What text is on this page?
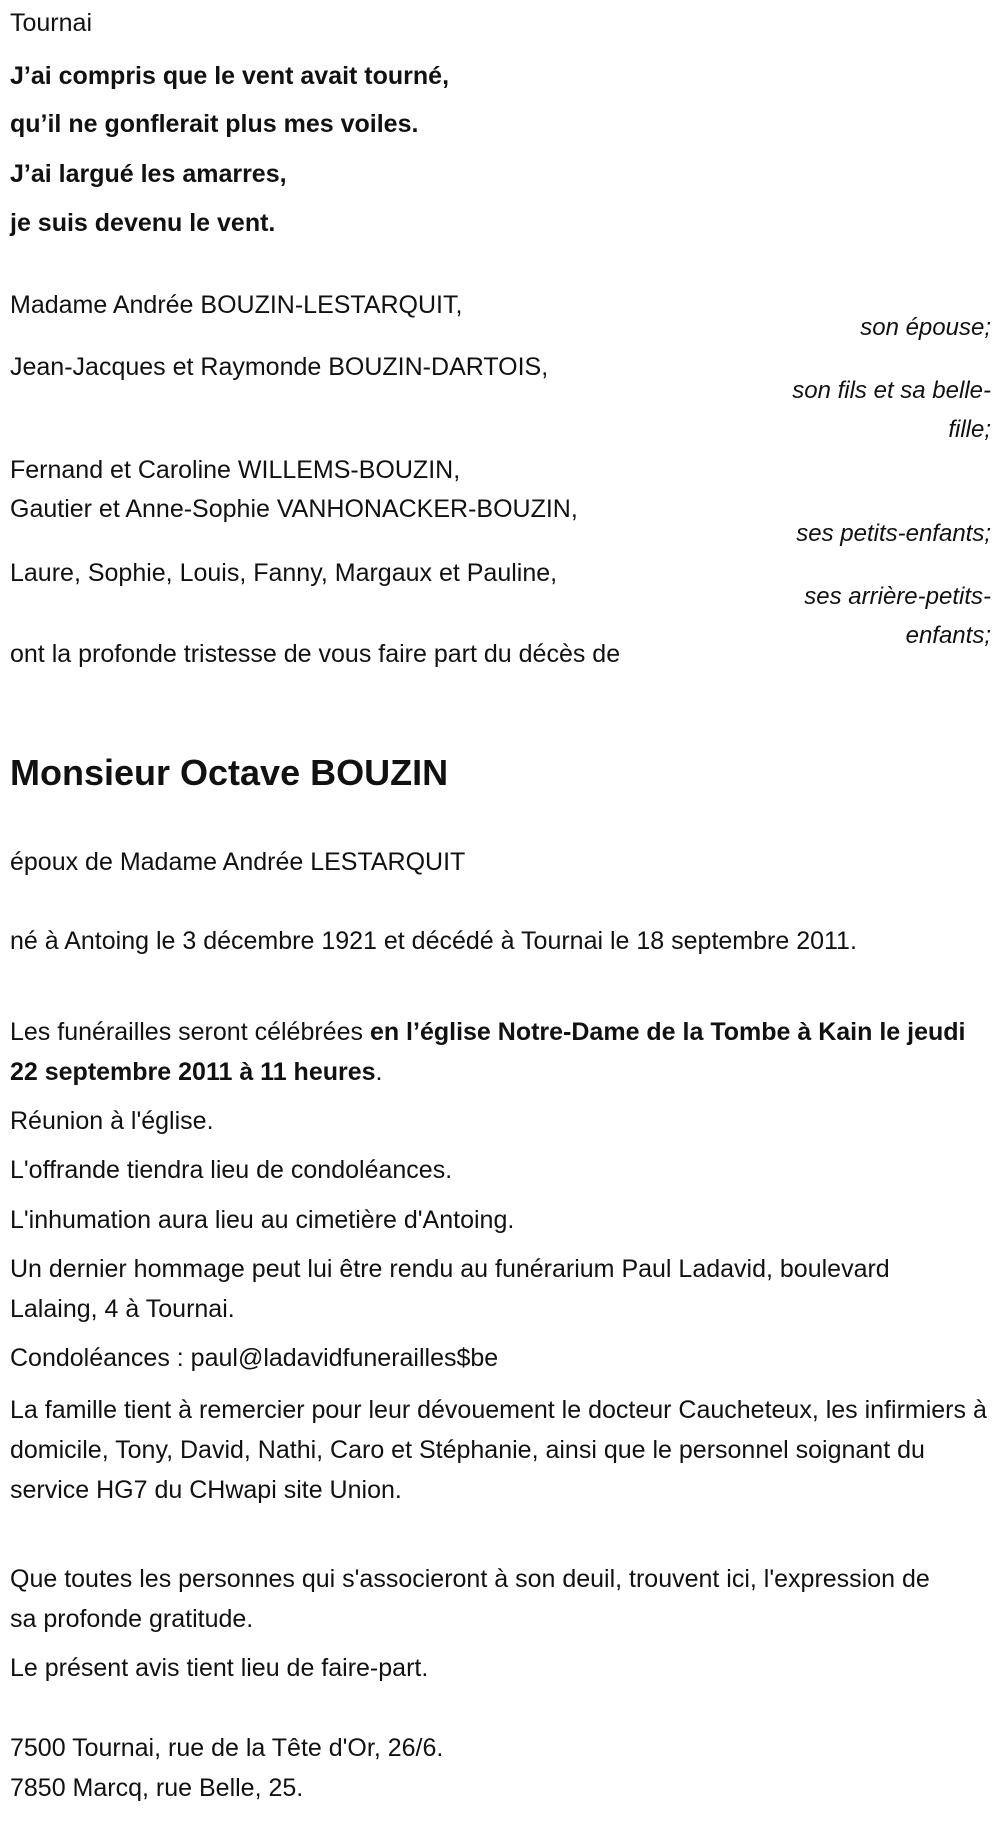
Tournai
J’ai compris que le vent avait tourné,
qu’il ne gonflerait plus mes voiles.
J’ai largué les amarres,
je suis devenu le vent.
Madame Andrée BOUZIN-LESTARQUIT,
son épouse;
Jean-Jacques et Raymonde BOUZIN-DARTOIS,
son fils et sa belle-fille;
Fernand et Caroline WILLEMS-BOUZIN,
Gautier et Anne-Sophie VANHONACKER-BOUZIN,
ses petits-enfants;
Laure, Sophie, Louis, Fanny, Margaux et Pauline,
ses arrière-petits-enfants;
ont la profonde tristesse de vous faire part du décès de
Monsieur Octave BOUZIN
époux de Madame Andrée LESTARQUIT
né à Antoing le 3 décembre 1921 et décédé à Tournai le 18 septembre 2011.
Les funérailles seront célébrées en l’église Notre-Dame de la Tombe à Kain le jeudi 22 septembre 2011 à 11 heures.
Réunion à l'église.
L'offrande tiendra lieu de condoléances.
L'inhumation aura lieu au cimetière d'Antoing.
Un dernier hommage peut lui être rendu au funérarium Paul Ladavid, boulevard Lalaing, 4 à Tournai.
Condoléances : paul@ladavidfunerailles$be
La famille tient à remercier pour leur dévouement le docteur Caucheteux, les infirmiers à domicile, Tony, David, Nathi, Caro et Stéphanie, ainsi que le personnel soignant du service HG7 du CHwapi site Union.
Que toutes les personnes qui s'associeront à son deuil, trouvent ici, l'expression de sa profonde gratitude.
Le présent avis tient lieu de faire-part.
7500 Tournai, rue de la Tête d'Or, 26/6.
7850 Marcq, rue Belle, 25.
